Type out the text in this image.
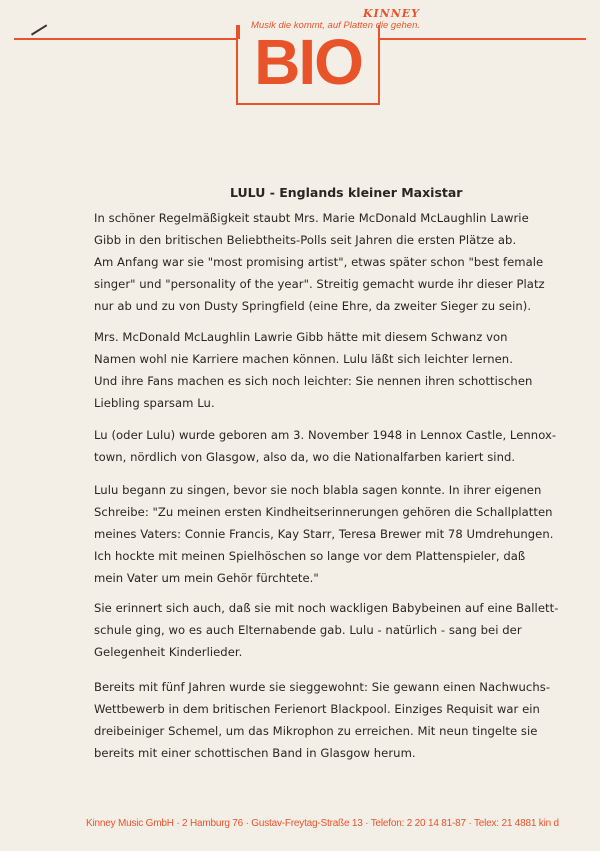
KINNEY
Musik die kommt, auf Platten die gehen.
BIO
LULU - Englands kleiner Maxistar
In schöner Regelmäßigkeit staubt Mrs. Marie McDonald McLaughlin Lawrie
Gibb in den britischen Beliebtheits-Polls seit Jahren die ersten Plätze ab.
Am Anfang war sie "most promising artist", etwas später schon "best female
singer" und "personality of the year". Streitig gemacht wurde ihr dieser Platz
nur ab und zu von Dusty Springfield (eine Ehre, da zweiter Sieger zu sein).
Mrs. McDonald McLaughlin Lawrie Gibb hätte mit diesem Schwanz von
Namen wohl nie Karriere machen können. Lulu läßt sich leichter lernen.
Und ihre Fans machen es sich noch leichter: Sie nennen ihren schottischen
Liebling sparsam Lu.
Lu (oder Lulu) wurde geboren am 3. November 1948 in Lennox Castle, Lennox-
town, nördlich von Glasgow, also da, wo die Nationalfarben kariert sind.
Lulu begann zu singen, bevor sie noch blabla sagen konnte. In ihrer eigenen
Schreibe: "Zu meinen ersten Kindheitserinnerungen gehören die Schallplatten
meines Vaters: Connie Francis, Kay Starr, Teresa Brewer mit 78 Umdrehungen.
Ich hockte mit meinen Spielhöschen so lange vor dem Plattenspieler, daß
mein Vater um mein Gehör fürchtete."
Sie erinnert sich auch, daß sie mit noch wackligen Babybeinen auf eine Ballett-
schule ging, wo es auch Elternabende gab. Lulu - natürlich - sang bei der
Gelegenheit Kinderlieder.
Bereits mit fünf Jahren wurde sie sieggewohnt: Sie gewann einen Nachwuchs-
Wettbewerb in dem britischen Ferienort Blackpool. Einziges Requisit war ein
dreibeiniger Schemel, um das Mikrophon zu erreichen. Mit neun tingelte sie
bereits mit einer schottischen Band in Glasgow herum.
Kinney Music GmbH · 2 Hamburg 76 · Gustav-Freytag-Straße 13 · Telefon: 2 20 14 81-87 · Telex: 21 4881 kin d
